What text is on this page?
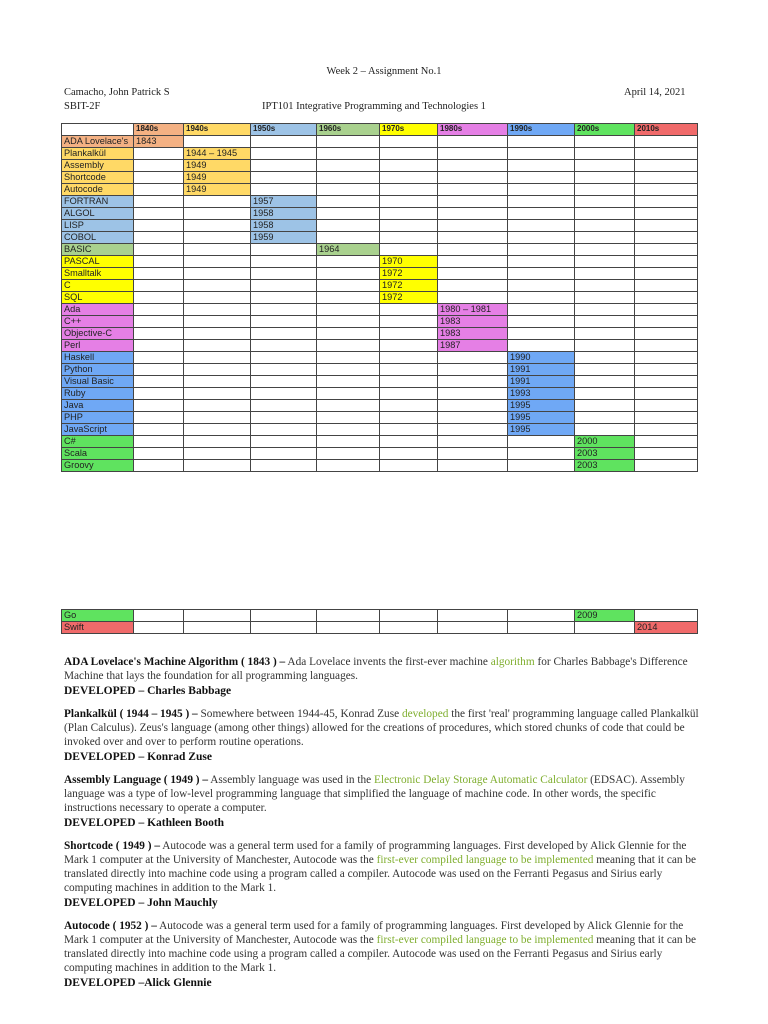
Week 2 – Assignment No.1
Camacho, John Patrick S	April 14, 2021
SBIT-2F	IPT101 Integrative Programming and Technologies 1
	1840s	1940s	1950s	1960s	1970s	1980s	1990s	2000s	2010s
ADA Lovelace's	1843								
Plankalkül		1944 – 1945							
Assembly		1949							
Shortcode		1949							
Autocode		1949							
FORTRAN			1957						
ALGOL			1958						
LISP			1958						
COBOL			1959						
BASIC				1964					
PASCAL					1970				
Smalltalk					1972				
C					1972				
SQL					1972				
Ada						1980 – 1981			
C++						1983			
Objective-C						1983			
Perl						1987			
Haskell							1990		
Python							1991		
Visual Basic							1991		
Ruby							1993		
Java							1995		
PHP							1995		
JavaScript							1995		
C#								2000	
Scala								2003	
Groovy								2003	
Go								2009	
Swift									2014
ADA Lovelace's Machine Algorithm ( 1843 ) – Ada Lovelace invents the first-ever machine algorithm for Charles Babbage's Difference Machine that lays the foundation for all programming languages.
DEVELOPED – Charles Babbage
Plankalkül ( 1944 – 1945 ) – Somewhere between 1944-45, Konrad Zuse developed the first 'real' programming language called Plankalkül (Plan Calculus). Zeus's language (among other things) allowed for the creations of procedures, which stored chunks of code that could be invoked over and over to perform routine operations.
DEVELOPED – Konrad Zuse
Assembly Language ( 1949 ) – Assembly language was used in the Electronic Delay Storage Automatic Calculator (EDSAC). Assembly language was a type of low-level programming language that simplified the language of machine code. In other words, the specific instructions necessary to operate a computer.
DEVELOPED – Kathleen Booth
Shortcode ( 1949 ) – Autocode was a general term used for a family of programming languages. First developed by Alick Glennie for the Mark 1 computer at the University of Manchester, Autocode was the first-ever compiled language to be implemented meaning that it can be translated directly into machine code using a program called a compiler. Autocode was used on the Ferranti Pegasus and Sirius early computing machines in addition to the Mark 1.
DEVELOPED – John Mauchly
Autocode ( 1952 ) – Autocode was a general term used for a family of programming languages. First developed by Alick Glennie for the Mark 1 computer at the University of Manchester, Autocode was the first-ever compiled language to be implemented meaning that it can be translated directly into machine code using a program called a compiler. Autocode was used on the Ferranti Pegasus and Sirius early computing machines in addition to the Mark 1.
DEVELOPED –Alick Glennie
